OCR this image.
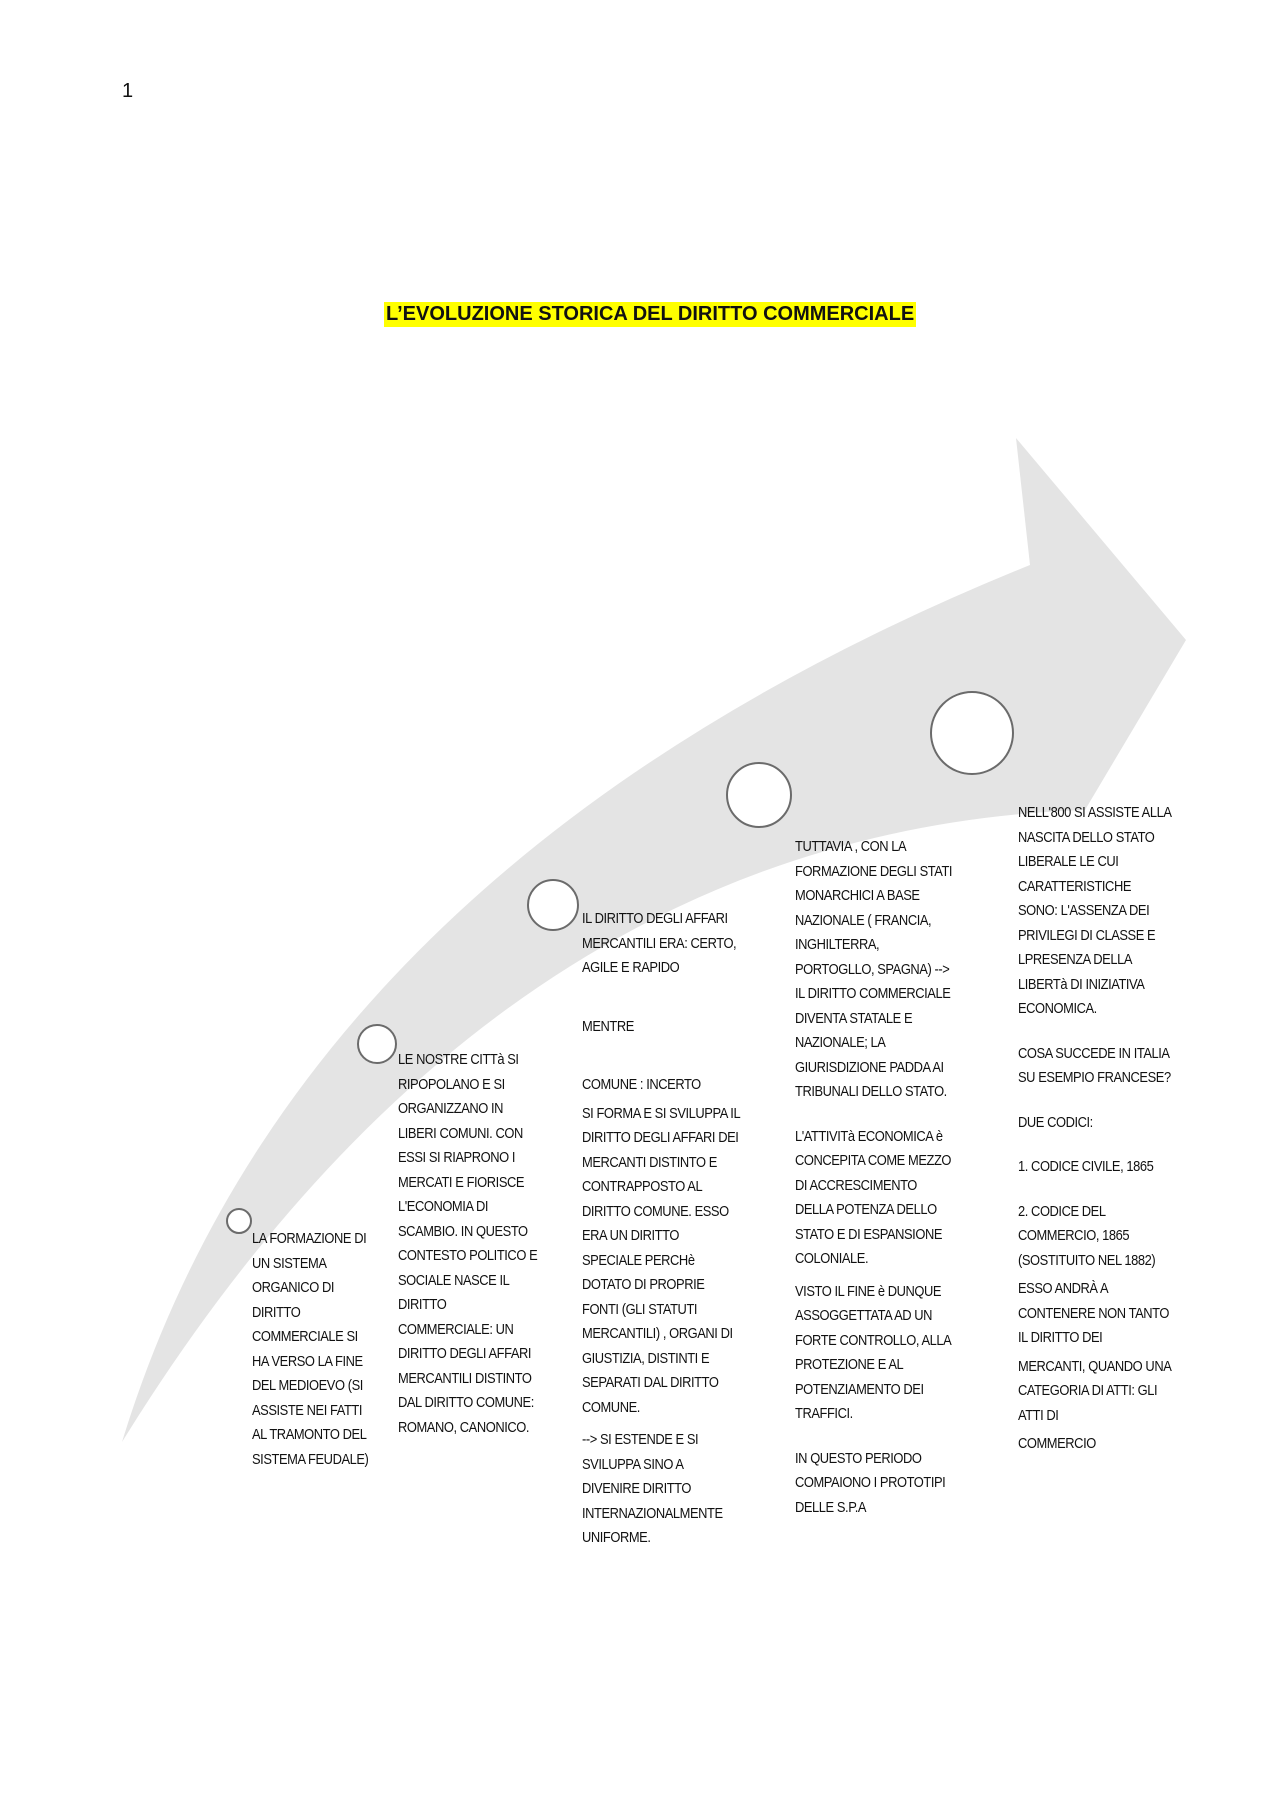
1
L’EVOLUZIONE STORICA DEL DIRITTO COMMERCIALE

LA FORMAZIONE DI UN SISTEMA ORGANICO DI DIRITTO COMMERCIALE SI HA VERSO LA FINE DEL MEDIOEVO (SI ASSISTE NEI FATTI AL TRAMONTO DEL SISTEMA FEUDALE)

LE NOSTRE CITTà SI RIPOPOLANO E SI ORGANIZZANO IN LIBERI COMUNI. CON ESSI SI RIAPRONO I MERCATI E FIORISCE L'ECONOMIA DI SCAMBIO. IN QUESTO CONTESTO POLITICO E SOCIALE NASCE IL DIRITTO COMMERCIALE: UN DIRITTO DEGLI AFFARI MERCANTILI DISTINTO DAL DIRITTO COMUNE: ROMANO, CANONICO.

IL DIRITTO DEGLI AFFARI MERCANTILI ERA: CERTO, AGILE E RAPIDO

MENTRE

COMUNE : INCERTO

SI FORMA E SI SVILUPPA IL DIRITTO DEGLI AFFARI DEI MERCANTI DISTINTO E CONTRAPPOSTO AL DIRITTO COMUNE. ESSO ERA UN DIRITTO SPECIALE PERCHè DOTATO DI PROPRIE FONTI (GLI STATUTI MERCANTILI) , ORGANI DI GIUSTIZIA, DISTINTI E SEPARATI DAL DIRITTO COMUNE.

--> SI ESTENDE E SI SVILUPPA SINO A DIVENIRE DIRITTO INTERNAZIONALMENTE UNIFORME.

TUTTAVIA , CON LA FORMAZIONE DEGLI STATI MONARCHICI A BASE NAZIONALE ( FRANCIA, INGHILTERRA, PORTOGLLO, SPAGNA) --> IL DIRITTO COMMERCIALE DIVENTA STATALE E NAZIONALE; LA GIURISDIZIONE PADDA AI TRIBUNALI DELLO STATO.

L'ATTIVITà ECONOMICA è CONCEPITA COME MEZZO DI ACCRESCIMENTO DELLA POTENZA DELLO STATO E DI ESPANSIONE COLONIALE.

VISTO IL FINE è DUNQUE ASSOGGETTATA AD UN FORTE CONTROLLO, ALLA PROTEZIONE E AL POTENZIAMENTO DEI TRAFFICI.

IN QUESTO PERIODO COMPAIONO I PROTOTIPI DELLE S.P.A

NELL'800 SI ASSISTE ALLA NASCITA DELLO STATO LIBERALE LE CUI CARATTERISTICHE SONO: L'ASSENZA DEI PRIVILEGI DI CLASSE E LPRESENZA DELLA LIBERTà DI INIZIATIVA ECONOMICA.

COSA SUCCEDE IN ITALIA SU ESEMPIO FRANCESE?

DUE CODICI:

1. CODICE CIVILE, 1865

2. CODICE DEL COMMERCIO, 1865 (SOSTITUITO NEL 1882)

ESSO ANDRÀ A CONTENERE NON TANTO IL DIRITTO DEI

MERCANTI, QUANDO UNA CATEGORIA DI ATTI: GLI ATTI DI

COMMERCIO
